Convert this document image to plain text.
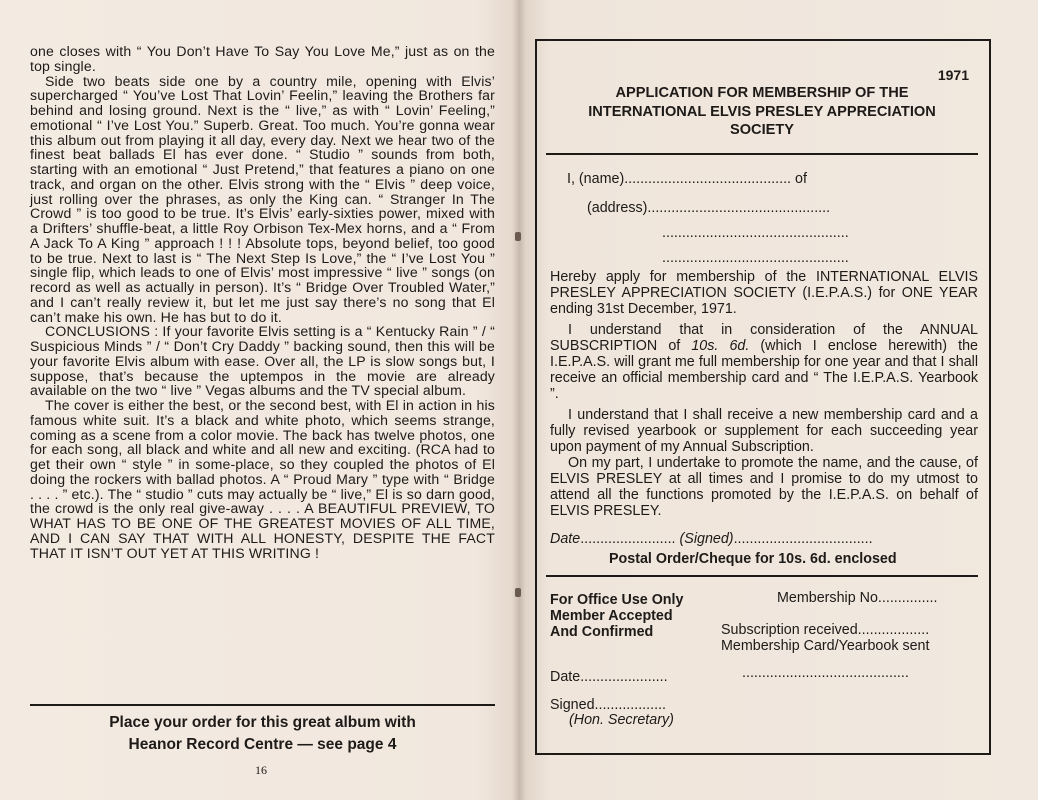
one closes with “ You Don’t Have To Say You Love Me,” just as on the top single.

Side two beats side one by a country mile, opening with Elvis’ supercharged “ You’ve Lost That Lovin’ Feelin,” leaving the Brothers far behind and losing ground. Next is the “ live,” as with “ Lovin’ Feeling,” emotional “ I’ve Lost You.” Superb. Great. Too much. You’re gonna wear this album out from playing it all day, every day. Next we hear two of the finest beat ballads El has ever done. “ Studio ” sounds from both, starting with an emotional “ Just Pretend,” that features a piano on one track, and organ on the other. Elvis strong with the “ Elvis ” deep voice, just rolling over the phrases, as only the King can. “ Stranger In The Crowd ” is too good to be true. It’s Elvis’ early-sixties power, mixed with a Drifters’ shuffle-beat, a little Roy Orbison Tex-Mex horns, and a “ From A Jack To A King ” approach ! ! ! Absolute tops, beyond belief, too good to be true. Next to last is “ The Next Step Is Love,” the “ I’ve Lost You ” single flip, which leads to one of Elvis’ most impressive “ live ” songs (on record as well as actually in person). It’s “ Bridge Over Troubled Water,” and I can’t really review it, but let me just say there’s no song that El can’t make his own. He has but to do it.

CONCLUSIONS : If your favorite Elvis setting is a “ Kentucky Rain ” / “ Suspicious Minds ” / “ Don’t Cry Daddy ” backing sound, then this will be your favorite Elvis album with ease. Over all, the LP is slow songs but, I suppose, that’s because the uptempos in the movie are already available on the two “ live ” Vegas albums and the TV special album.

The cover is either the best, or the second best, with El in action in his famous white suit. It’s a black and white photo, which seems strange, coming as a scene from a color movie. The back has twelve photos, one for each song, all black and white and all new and exciting. (RCA had to get their own “ style ” in some-place, so they coupled the photos of El doing the rockers with ballad photos. A “ Proud Mary ” type with “ Bridge . . . . ” etc.). The “ studio ” cuts may actually be “ live,” El is so darn good, the crowd is the only real give-away . . . . A BEAUTIFUL PREVIEW, TO WHAT HAS TO BE ONE OF THE GREATEST MOVIES OF ALL TIME, AND I CAN SAY THAT WITH ALL HONESTY, DESPITE THE FACT THAT IT ISN’T OUT YET AT THIS WRITING !

Place your order for this great album with
Heanor Record Centre — see page 4
16
1971
APPLICATION FOR MEMBERSHIP OF THE
INTERNATIONAL ELVIS PRESLEY APPRECIATION
SOCIETY
I, (name).......................................... of
(address)..............................................
...............................................
...............................................

Hereby apply for membership of the INTERNATIONAL ELVIS PRESLEY APPRECIATION SOCIETY (I.E.P.A.S.) for ONE YEAR ending 31st December, 1971.

I understand that in consideration of the ANNUAL SUBSCRIPTION of 10s. 6d. (which I enclose herewith) the I.E.P.A.S. will grant me full membership for one year and that I shall receive an official membership card and “ The I.E.P.A.S. Yearbook ”.

I understand that I shall receive a new membership card and a fully revised yearbook or supplement for each succeeding year upon payment of my Annual Subscription.

On my part, I undertake to promote the name, and the cause, of ELVIS PRESLEY at all times and I promise to do my utmost to attend all the functions promoted by the I.E.P.A.S. on behalf of ELVIS PRESLEY.

Date........................ (Signed)...................................
Postal Order/Cheque for 10s. 6d. enclosed
For Office Use Only
Member Accepted
And Confirmed
Membership No...............
Subscription received..................
Membership Card/Yearbook sent
Date......................	..........................................
Signed..................
(Hon. Secretary)
